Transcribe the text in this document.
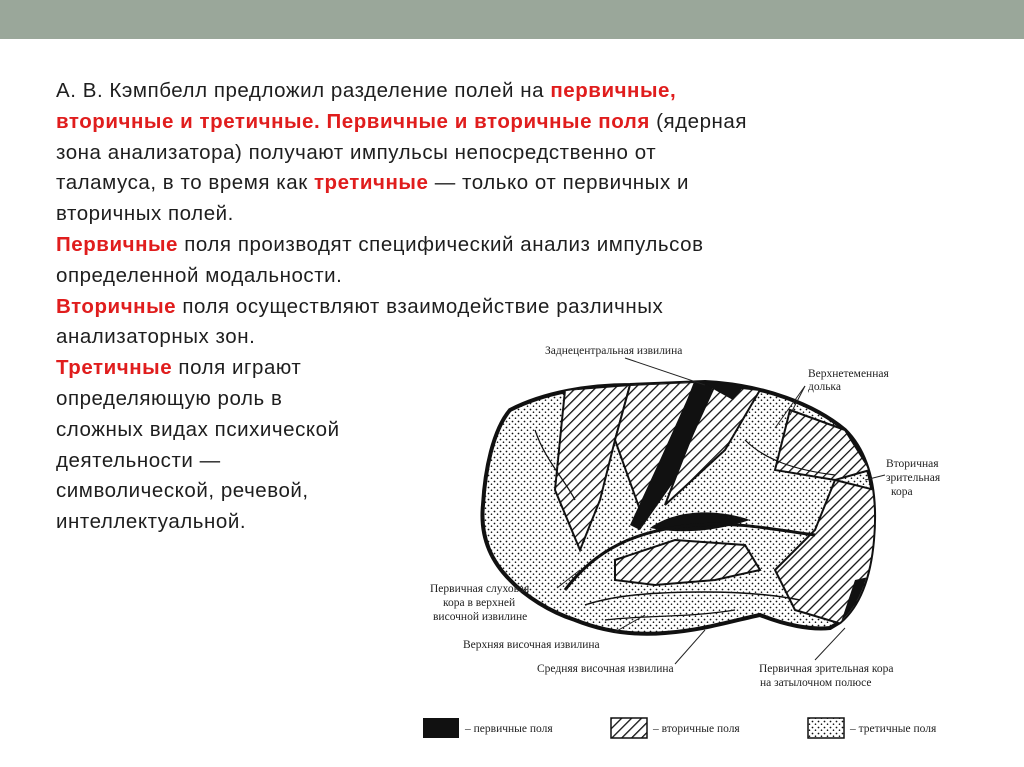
А. В. Кэмпбелл предложил разделение полей на первичные,
вторичные и третичные. Первичные и вторичные поля (ядерная
зона анализатора) получают импульсы непосредственно от
таламуса, в то время как третичные — только от первичных и
вторичных полей.
Первичные поля производят специфический анализ импульсов
определенной модальности.
Вторичные поля осуществляют взаимодействие различных
анализаторных зон.
Третичные поля играют
определяющую роль в
сложных видах психической
деятельности —
символической, речевой,
интеллектуальной.
Заднецентральная извилина
Верхнетеменная
долька
Вторичная
зрительная
кора
Первичная слуховая
кора в верхней
височной извилине
Верхняя височная извилина
Средняя височная извилина	Первичная зрительная кора
на затылочном полюсе
– первичные поля	– вторичные поля	– третичные поля
